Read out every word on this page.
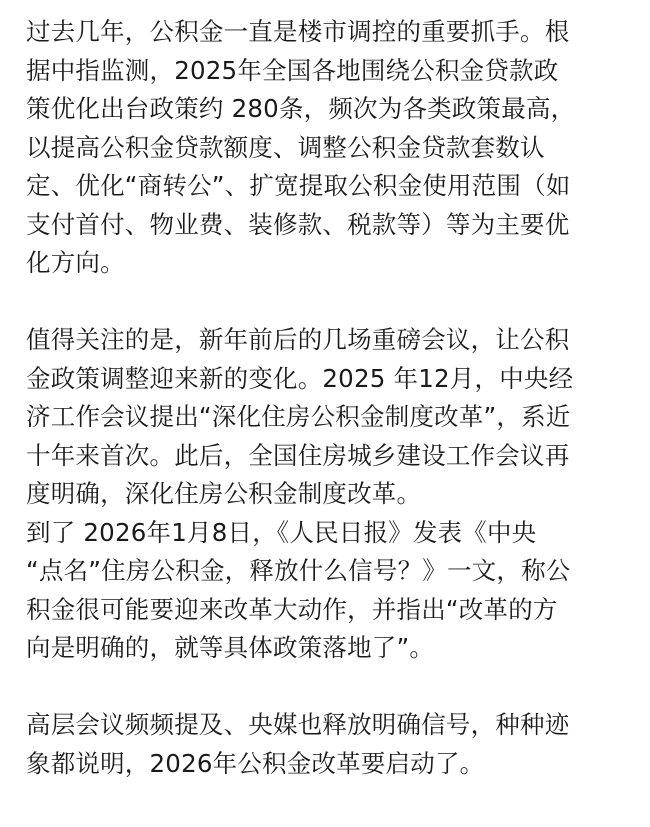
过去几年，公积金一直是楼市调控的重要抓手。根
据中指监测，2025年全国各地围绕公积金贷款政
策优化出台政策约 280条，频次为各类政策最高，
以提高公积金贷款额度、调整公积金贷款套数认
定、优化“商转公”、扩宽提取公积金使用范围（如
支付首付、物业费、装修款、税款等）等为主要优
化方向。
值得关注的是，新年前后的几场重磅会议，让公积
金政策调整迎来新的变化。2025 年12月，中央经
济工作会议提出“深化住房公积金制度改革”，系近
十年来首次。此后，全国住房城乡建设工作会议再
度明确，深化住房公积金制度改革。
到了 2026年1月8日，《人民日报》发表《中央
“点名”住房公积金，释放什么信号？》一文，称公
积金很可能要迎来改革大动作，并指出“改革的方
向是明确的，就等具体政策落地了”。
高层会议频频提及、央媒也释放明确信号，种种迹
象都说明，2026年公积金改革要启动了。
